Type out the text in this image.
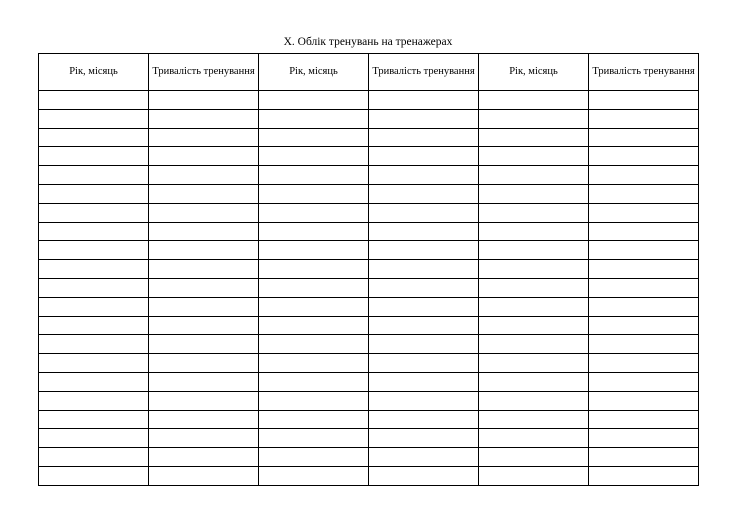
X. Облік тренувань на тренажерах
Рік, місяць	Тривалість тренування	Рік, місяць	Тривалість тренування	Рік, місяць	Тривалість тренування
